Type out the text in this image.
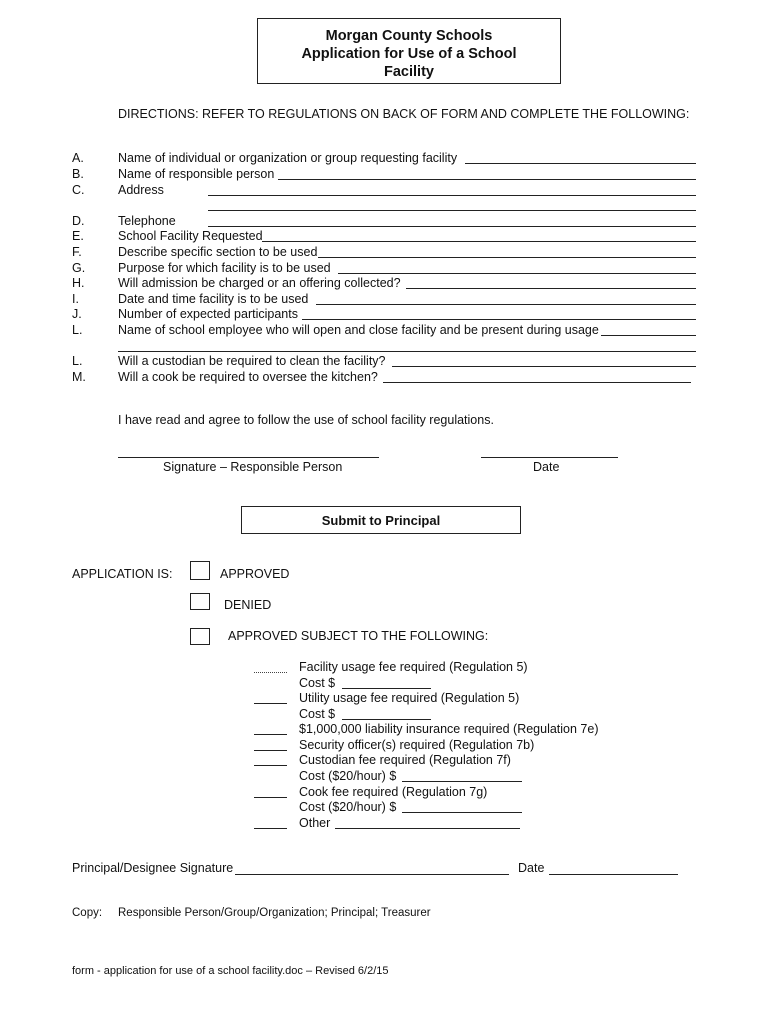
Morgan County Schools
Application for Use of a School
Facility
DIRECTIONS: REFER TO REGULATIONS ON BACK OF FORM AND COMPLETE THE FOLLOWING:
A.	Name of individual or organization or group requesting facility
B.	Name of responsible person
C.	Address
D.	Telephone
E.	School Facility Requested
F.	Describe specific section to be used
G.	Purpose for which facility is to be used
H.	Will admission be charged or an offering collected?
I.	Date and time facility is to be used
J.	Number of expected participants
L.	Name of school employee who will open and close facility and be present during usage
L.	Will a custodian be required to clean the facility?
M.	Will a cook be required to oversee the kitchen?
I have read and agree to follow the use of school facility regulations.
Signature – Responsible Person	Date
Submit to Principal
APPLICATION IS:	APPROVED
DENIED
APPROVED SUBJECT TO THE FOLLOWING:
Facility usage fee required (Regulation 5)
Cost $
Utility usage fee required (Regulation 5)
Cost $
$1,000,000 liability insurance required (Regulation 7e)
Security officer(s) required (Regulation 7b)
Custodian fee required (Regulation 7f)
Cost ($20/hour) $
Cook fee required (Regulation 7g)
Cost ($20/hour) $
Other
Principal/Designee Signature	Date
Copy: Responsible Person/Group/Organization; Principal; Treasurer
form - application for use of a school facility.doc – Revised 6/2/15
